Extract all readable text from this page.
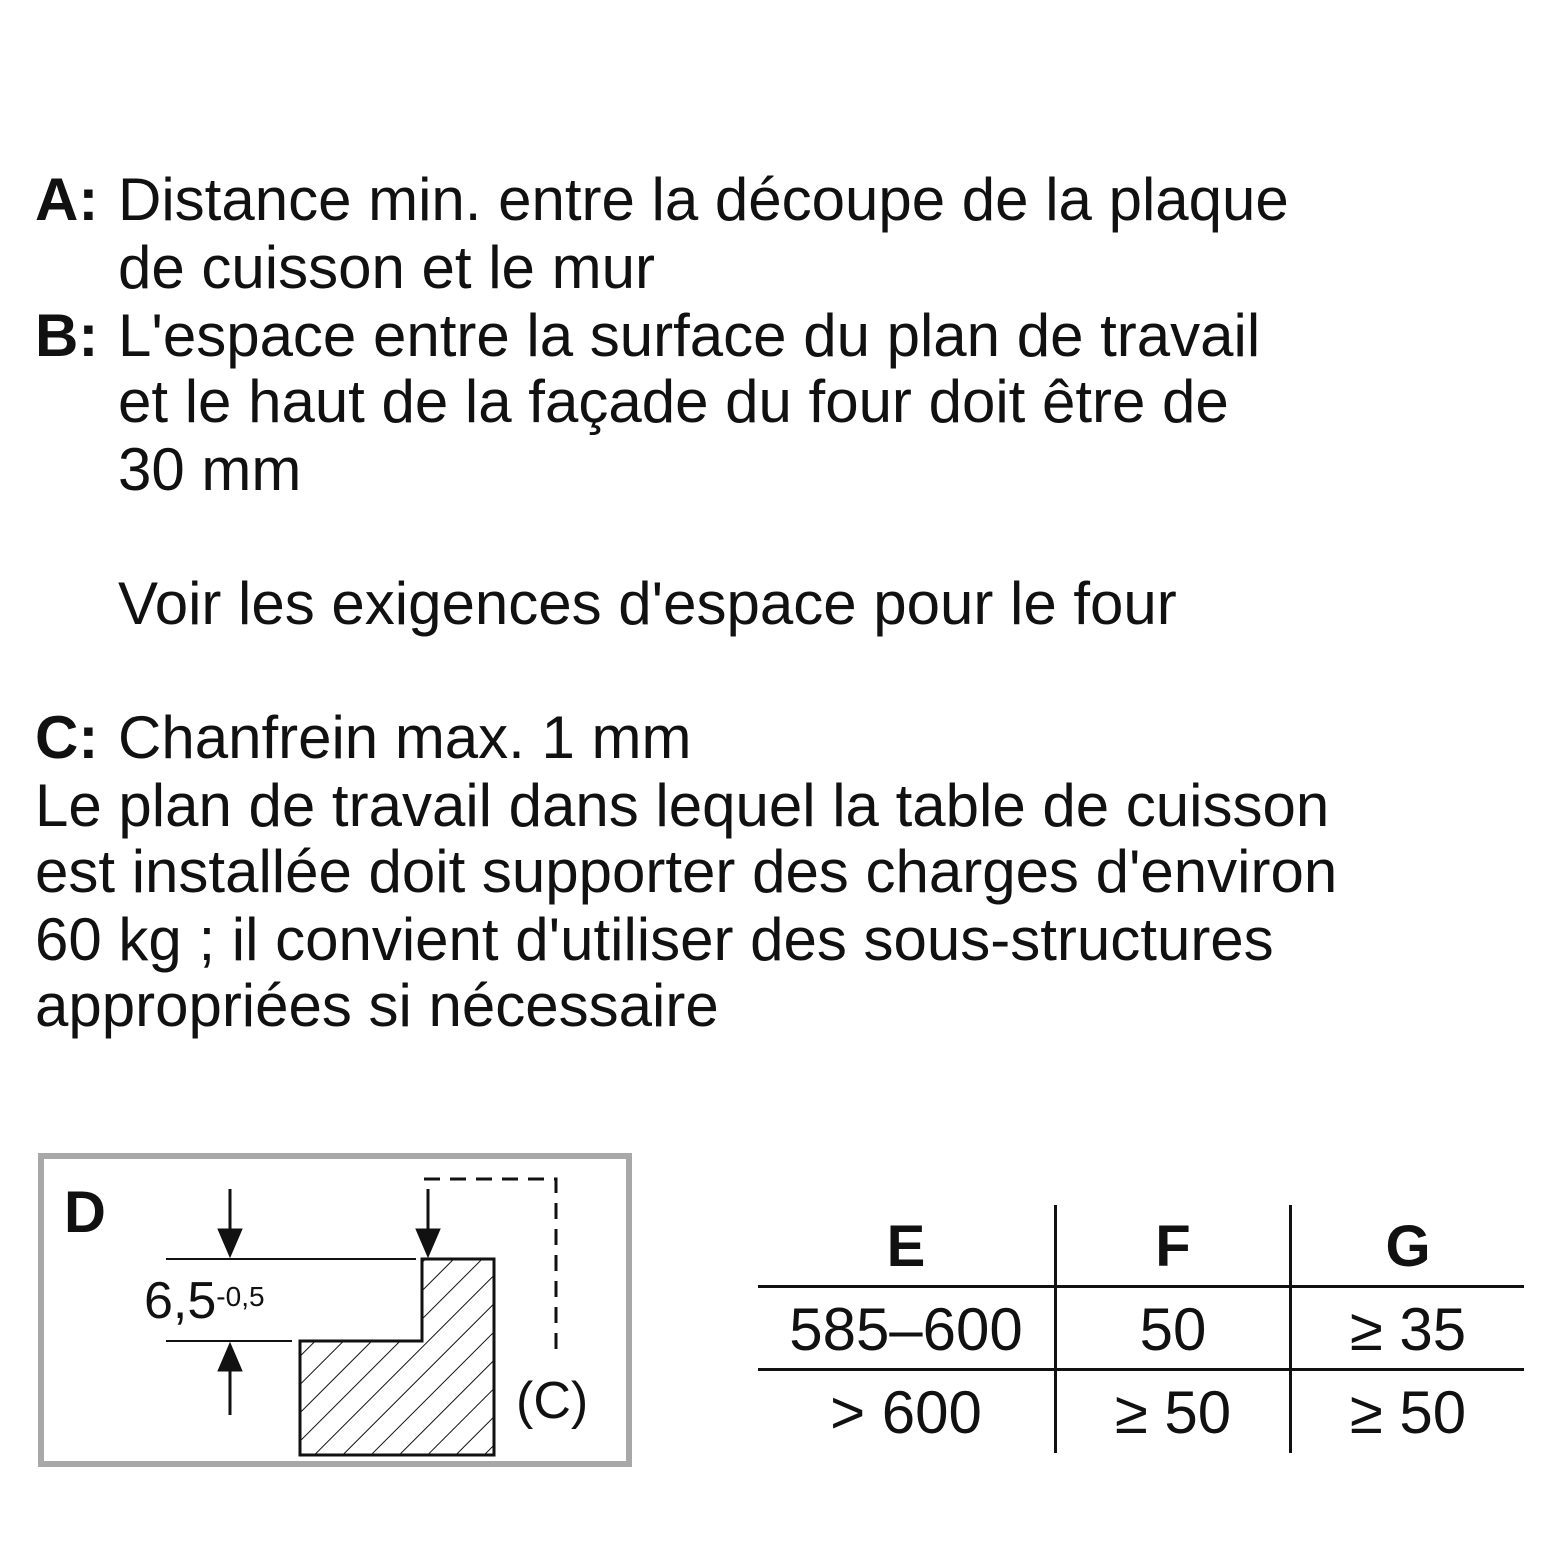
A: Distance min. entre la découpe de la plaque
de cuisson et le mur
B: L'espace entre la surface du plan de travail
et le haut de la façade du four doit être de
30 mm
Voir les exigences d'espace pour le four
C: Chanfrein max. 1 mm
Le plan de travail dans lequel la table de cuisson
est installée doit supporter des charges d'environ
60 kg ; il convient d'utiliser des sous-structures
appropriées si nécessaire
D
$6,5^{-0,5}$
(C)
E	F	G
585–600	50	≥ 35
> 600	≥ 50	≥ 50
